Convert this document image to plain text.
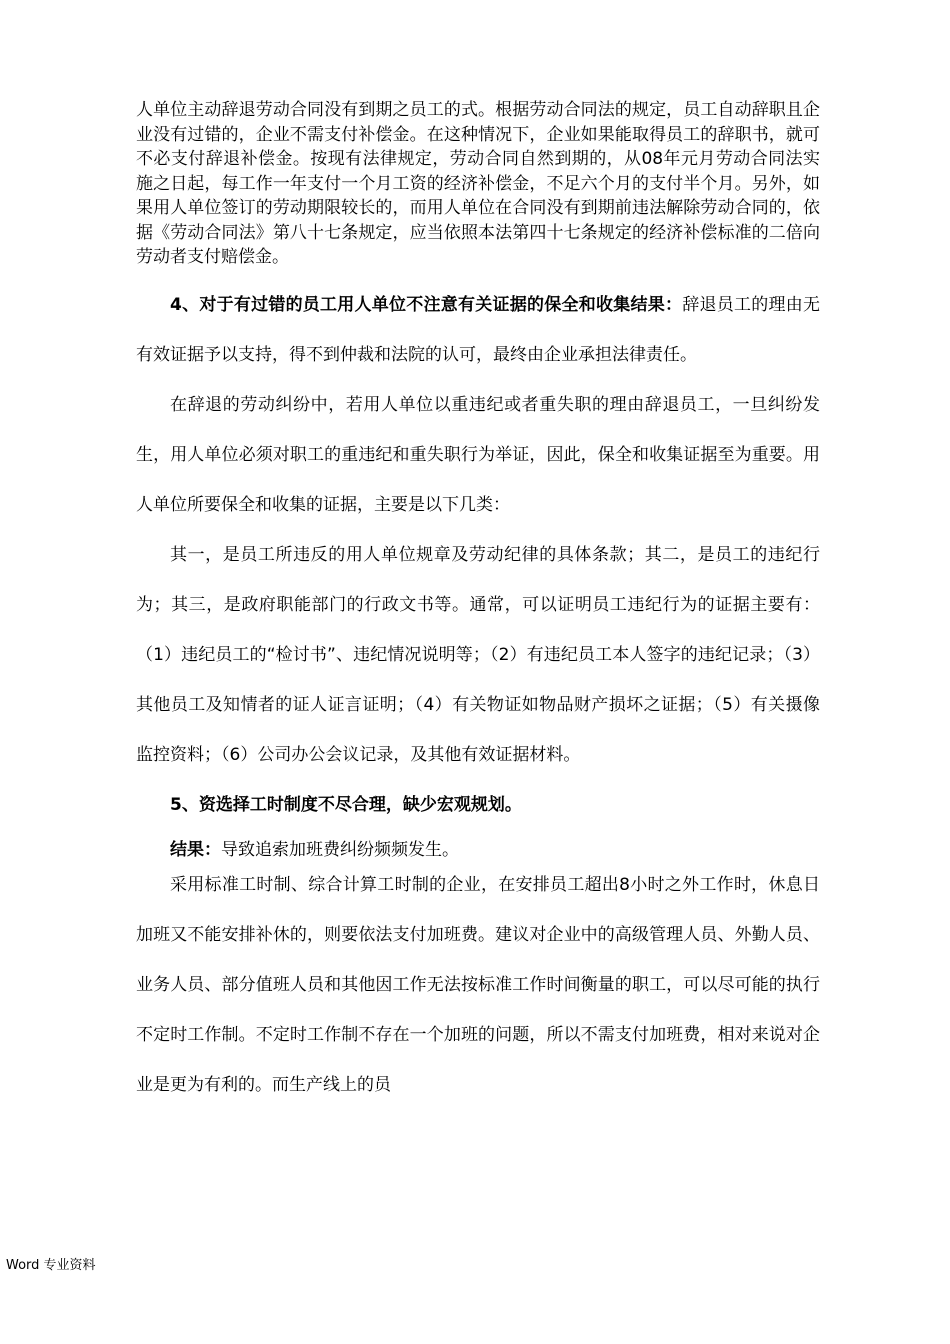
人单位主动辞退劳动合同没有到期之员工的式。根据劳动合同法的规定，员工自动辞职且企业没有过错的，企业不需支付补偿金。在这种情况下，企业如果能取得员工的辞职书，就可不必支付辞退补偿金。按现有法律规定，劳动合同自然到期的，从08年元月劳动合同法实施之日起，每工作一年支付一个月工资的经济补偿金，不足六个月的支付半个月。另外，如果用人单位签订的劳动期限较长的，而用人单位在合同没有到期前违法解除劳动合同的，依据《劳动合同法》第八十七条规定，应当依照本法第四十七条规定的经济补偿标准的二倍向劳动者支付赔偿金。

4、对于有过错的员工用人单位不注意有关证据的保全和收集结果：辞退员工的理由无有效证据予以支持，得不到仲裁和法院的认可，最终由企业承担法律责任。

在辞退的劳动纠纷中，若用人单位以重违纪或者重失职的理由辞退员工，一旦纠纷发生，用人单位必须对职工的重违纪和重失职行为举证，因此，保全和收集证据至为重要。用人单位所要保全和收集的证据，主要是以下几类：

其一，是员工所违反的用人单位规章及劳动纪律的具体条款；其二，是员工的违纪行为；其三，是政府职能部门的行政文书等。通常，可以证明员工违纪行为的证据主要有：（1）违纪员工的“检讨书”、违纪情况说明等；（2）有违纪员工本人签字的违纪记录；（3）其他员工及知情者的证人证言证明；（4）有关物证如物品财产损坏之证据；（5）有关摄像监控资料；（6）公司办公会议记录，及其他有效证据材料。

5、资选择工时制度不尽合理，缺少宏观规划。

结果：导致追索加班费纠纷频频发生。

采用标准工时制、综合计算工时制的企业，在安排员工超出8小时之外工作时，休息日加班又不能安排补休的，则要依法支付加班费。建议对企业中的高级管理人员、外勤人员、业务人员、部分值班人员和其他因工作无法按标准工作时间衡量的职工，可以尽可能的执行不定时工作制。不定时工作制不存在一个加班的问题，所以不需支付加班费，相对来说对企业是更为有利的。而生产线上的员

Word 专业资料
